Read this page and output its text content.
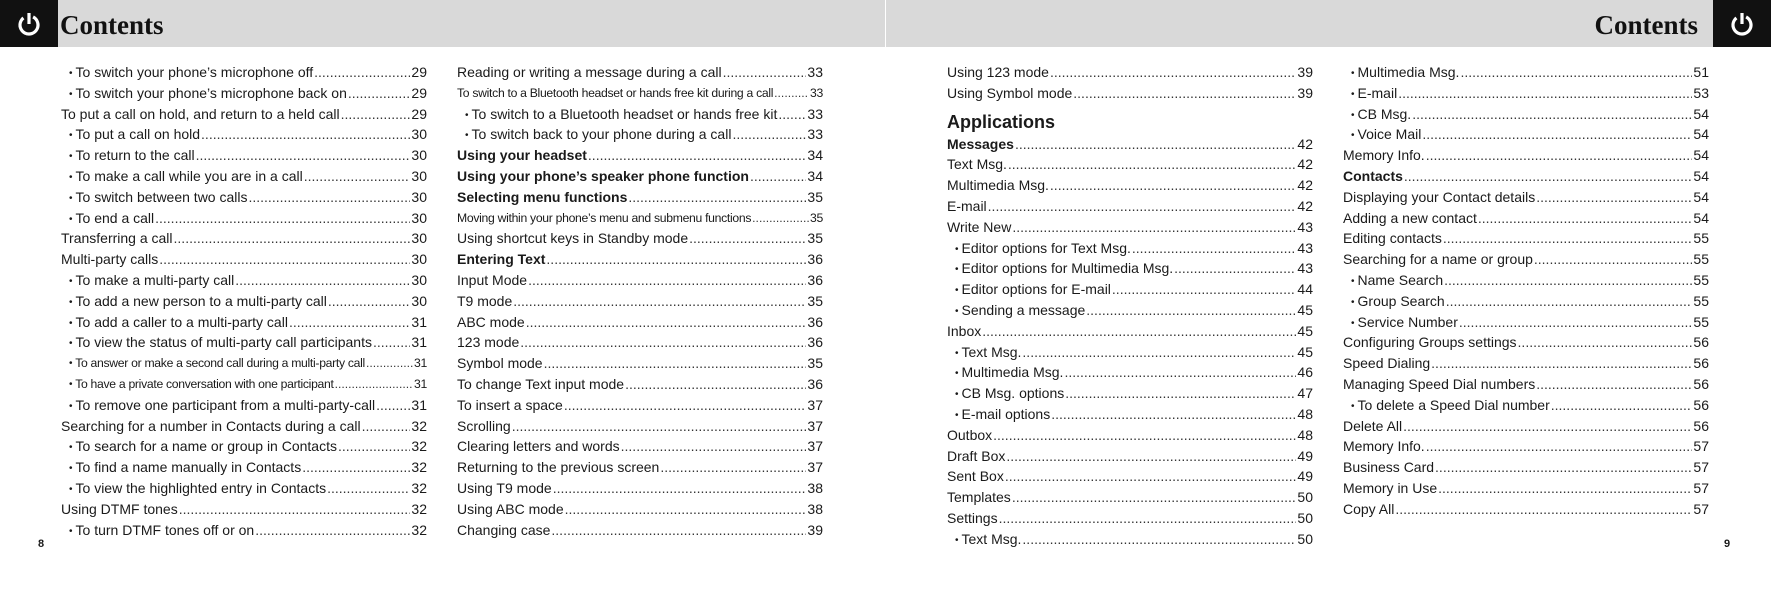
Contents	Contents
• To switch your phone’s microphone off .....	29
• To switch your phone’s microphone back on .....	29
To put a call on hold, and return to a held call .....	29
• To put a call on hold .....	30
• To return to the call .....	30
• To make a call while you are in a call .....	30
• To switch between two calls .....	30
• To end a call .....	30
Transferring a call .....	30
Multi-party calls .....	30
• To make a multi-party call .....	30
• To add a new person to a multi-party call .....	30
• To add a caller to a multi-party call .....	31
• To view the status of multi-party call participants .....	31
• To answer or make a second call during a multi-party call .....	31
• To have a private conversation with one participant .....	31
• To remove one participant from a multi-party-call .....	31
Searching for a number in Contacts during a call .....	32
• To search for a name or group in Contacts .....	32
• To find a name manually in Contacts .....	32
• To view the highlighted entry in Contacts .....	32
Using DTMF tones .....	32
• To turn DTMF tones off or on .....	32
Reading or writing a message during a call .....	33
To switch to a Bluetooth headset or hands free kit during a call .....	33
• To switch to a Bluetooth headset or hands free kit ..... 33
• To switch back to your phone during a call .....	33
Using your headset .....	34
Using your phone’s speaker phone function .....	34
Selecting menu functions .....	35
Moving within your phone’s menu and submenu functions .....	35
Using shortcut keys in Standby mode .....	35
Entering Text .....	36
Input Mode .....	36
T9 mode .....	35
ABC mode .....	36
123 mode .....	36
Symbol mode .....	35
To change Text input mode .....	36
To insert a space .....	37
Scrolling .....	37
Clearing letters and words .....	37
Returning to the previous screen .....	37
Using T9 mode .....	38
Using ABC mode .....	38
Changing case .....	39
Using 123 mode .....	39
Using Symbol mode .....	39
Applications
Messages .....	42
Text Msg. .....	42
Multimedia Msg. .....	42
E-mail .....	42
Write New .....	43
• Editor options for Text Msg. .....	43
• Editor options for Multimedia Msg. .....	43
• Editor options for E-mail .....	44
• Sending a message .....	45
Inbox .....	45
• Text Msg. .....	45
• Multimedia Msg. .....	46
• CB Msg. options .....	47
• E-mail options .....	48
Outbox .....	48
Draft Box .....	49
Sent Box .....	49
Templates .....	50
Settings .....	50
• Text Msg. .....	50
• Multimedia Msg. .....	51
• E-mail .....	53
• CB Msg. .....	54
• Voice Mail .....	54
Memory Info. .....	54
Contacts .....	54
Displaying your Contact details .....	54
Adding a new contact .....	54
Editing contacts .....	55
Searching for a name or group .....	55
• Name Search .....	55
• Group Search .....	55
• Service Number .....	55
Configuring Groups settings .....	56
Speed Dialing .....	56
Managing Speed Dial numbers .....	56
• To delete a Speed Dial number .....	56
Delete All .....	56
Memory Info. .....	57
Business Card .....	57
Memory in Use .....	57
Copy All .....	57
8	9
